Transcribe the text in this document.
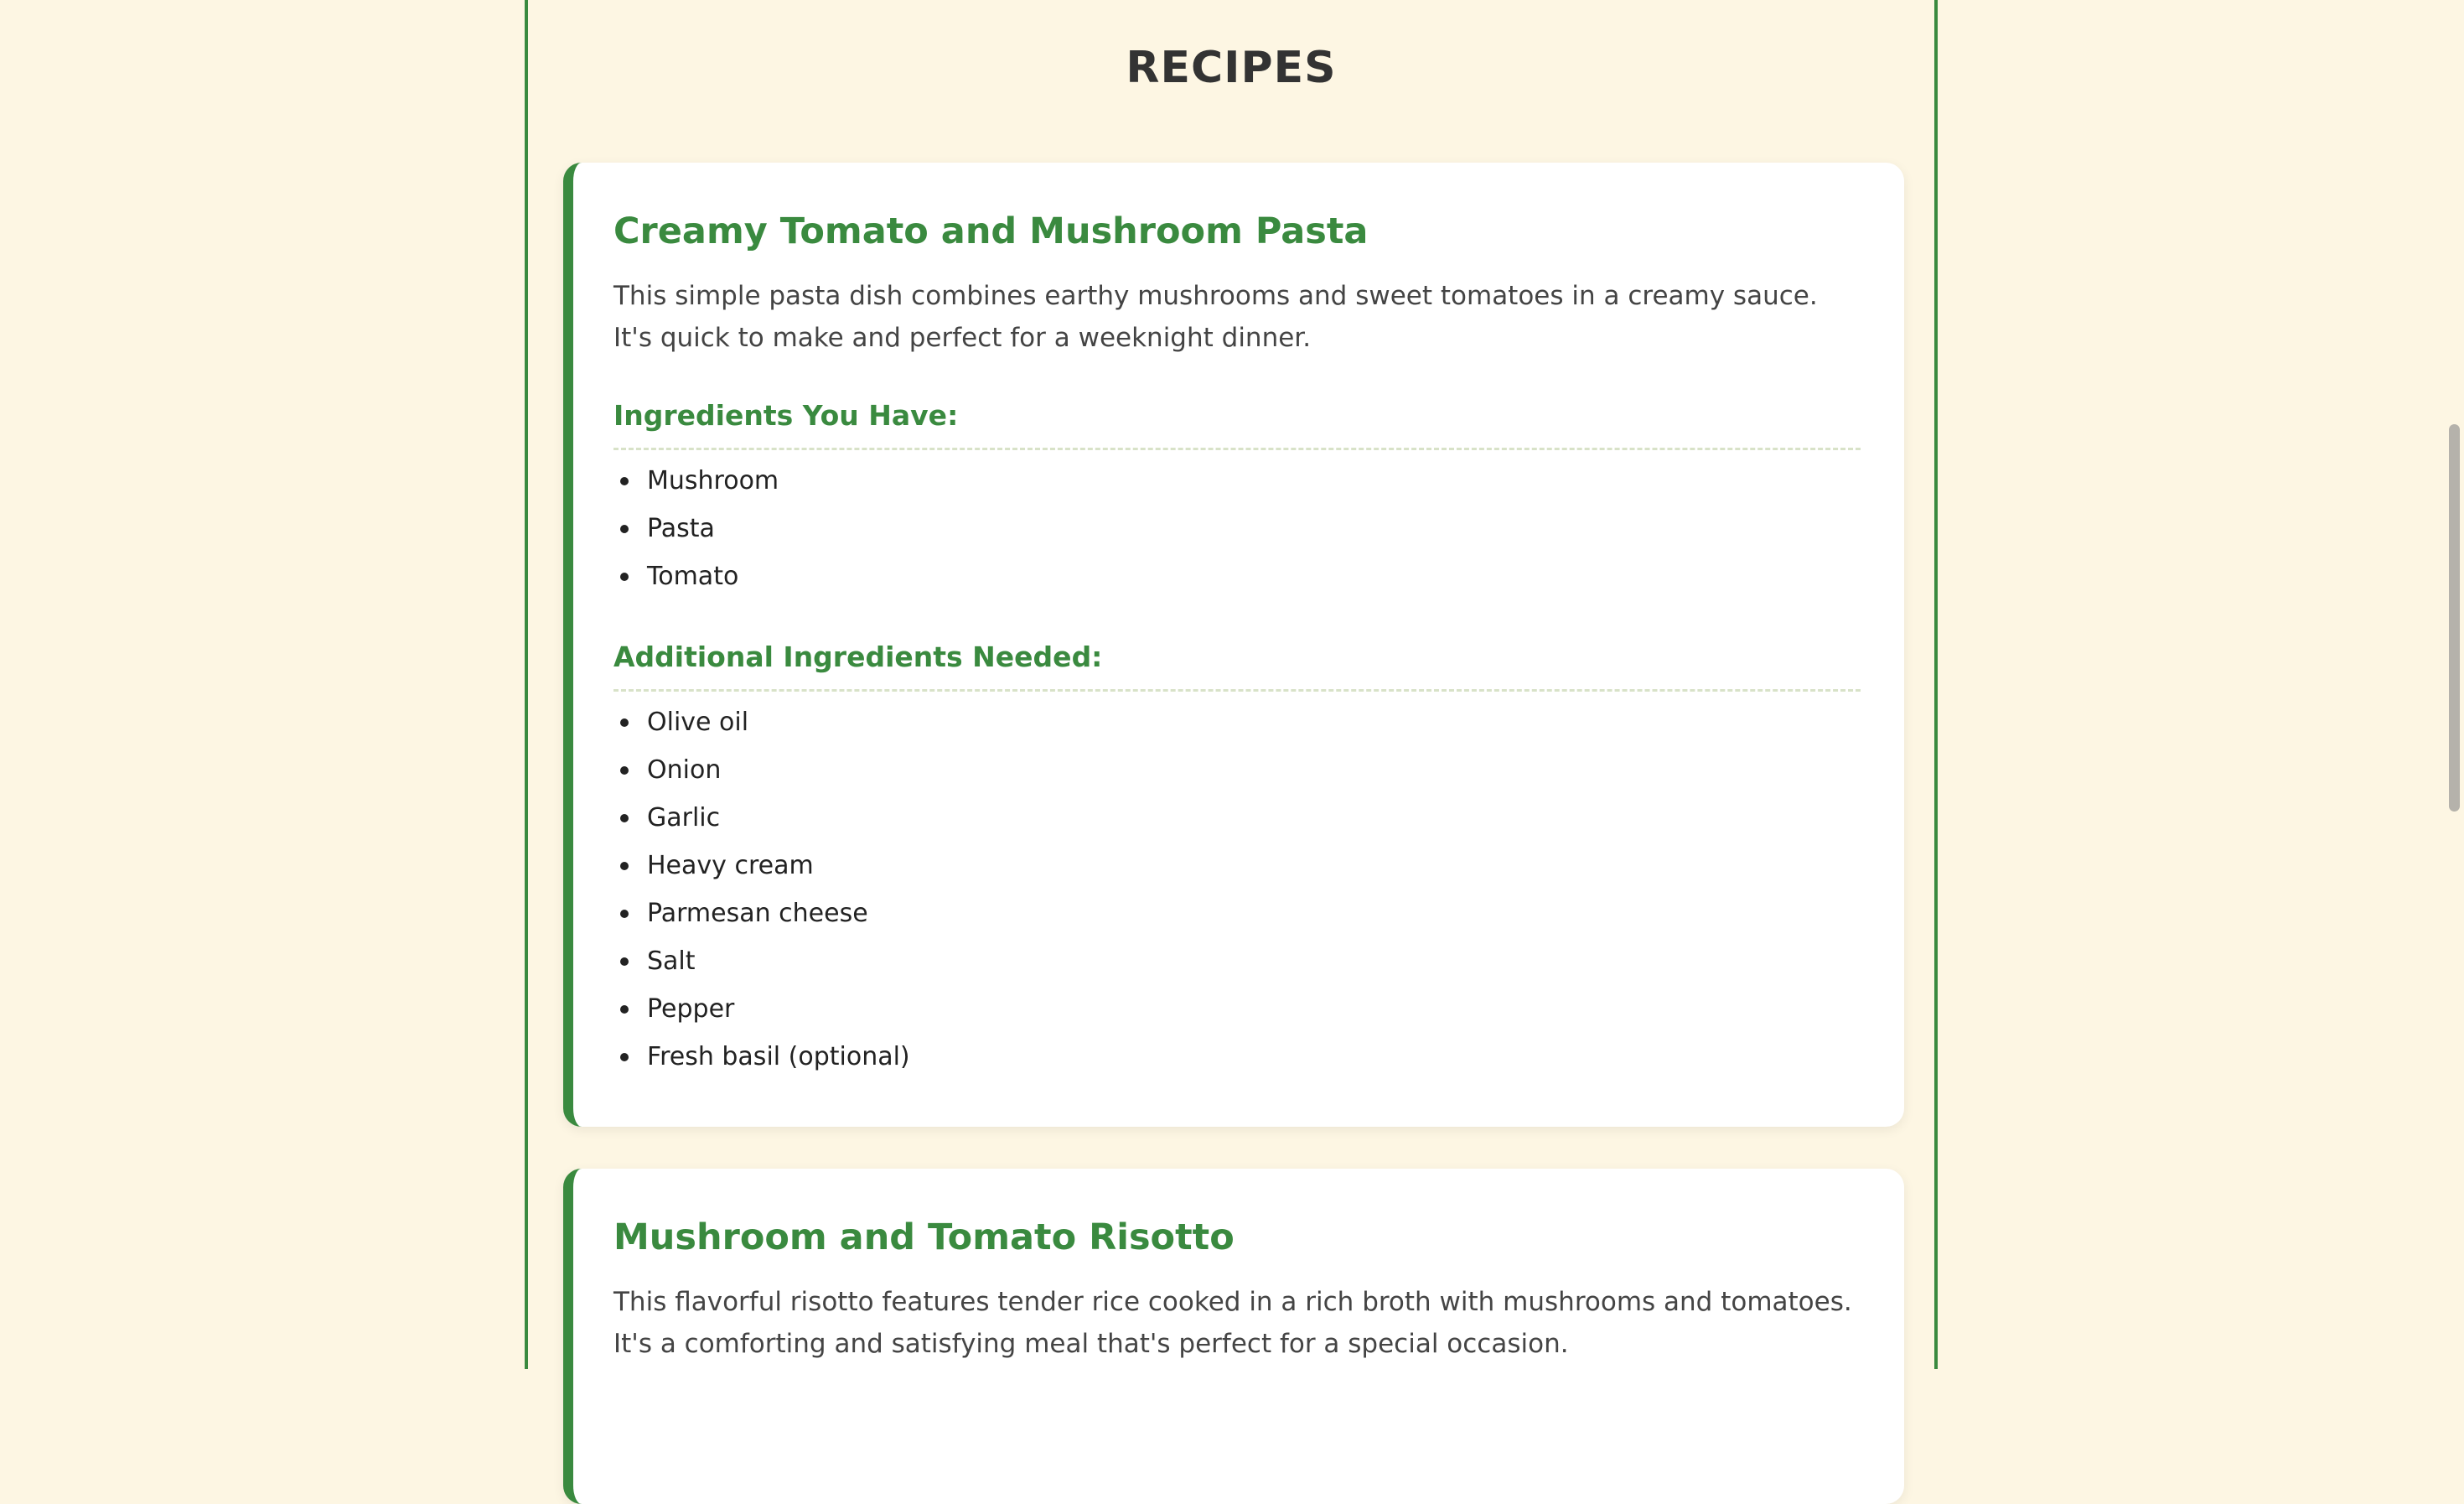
RECIPES
Creamy Tomato and Mushroom Pasta

This simple pasta dish combines earthy mushrooms and sweet tomatoes in a creamy sauce. It's quick to make and perfect for a weeknight dinner.

Ingredients You Have:
Mushroom
Pasta
Tomato
Additional Ingredients Needed:
Olive oil
Onion
Garlic
Heavy cream
Parmesan cheese
Salt
Pepper
Fresh basil (optional)
Mushroom and Tomato Risotto

This flavorful risotto features tender rice cooked in a rich broth with mushrooms and tomatoes. It's a comforting and satisfying meal that's perfect for a special occasion.
